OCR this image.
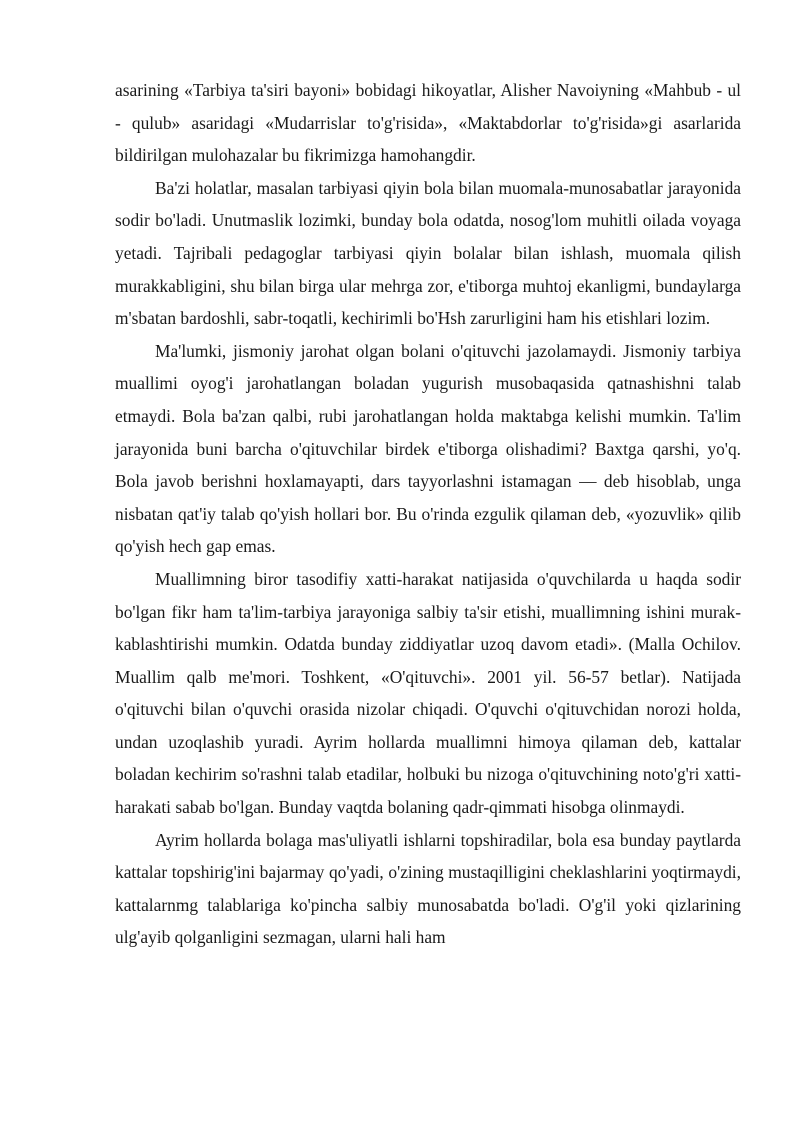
asarining «Tarbiya ta'siri bayoni» bobidagi hikoyatlar, Alisher Navoiyning «Mahbub - ul - qulub» asaridagi «Mudarrislar to'g'risida», «Maktabdorlar to'g'risida»gi asarlarida bildirilgan mulohazalar bu fikrimizga hamohangdir.

Ba'zi holatlar, masalan tarbiyasi qiyin bola bilan muomala-munosabatlar jarayonida sodir bo'ladi. Unutmaslik lozimki, bunday bola odatda, nosog'lom muhitli oilada voyaga yetadi. Tajribali pedagoglar tarbiyasi qiyin bolalar bilan ishlash, muomala qilish murakkabligini, shu bilan birga ular mehrga zor, e'tiborga muhtoj ekanligmi, bundaylarga m'sbatan bardoshli, sabr-toqatli, kechirimli bo'Hsh zarurligini ham his etishlari lozim.

Ma'lumki, jismoniy jarohat olgan bolani o'qituvchi jazolamaydi. Jismoniy tarbiya muallimi oyog'i jarohatlangan boladan yugurish musobaqasida qatnashishni talab etmaydi. Bola ba'zan qalbi, rubi jarohatlangan holda maktabga kelishi mumkin. Ta'lim jarayonida buni barcha o'qituvchilar birdek e'tiborga olishadimi? Baxtga qarshi, yo'q. Bola javob berishni hoxlamayapti, dars tayyorlashni istamagan — deb hisoblab, unga nisbatan qat'iy talab qo'yish hollari bor. Bu o'rinda ezgulik qilaman deb, «yozuvlik» qilib qo'yish hech gap emas.

Muallimning biror tasodifiy xatti-harakat natijasida o'quvchilarda u haqda sodir bo'lgan fikr ham ta'lim-tarbiya jarayoniga salbiy ta'sir etishi, muallimning ishini murak-kablashtirishi mumkin. Odatda bunday ziddiyatlar uzoq davom etadi». (Malla Ochilov. Muallim qalb me'mori. Toshkent, «O'qituvchi». 2001 yil. 56-57 betlar). Natijada o'qituvchi bilan o'quvchi orasida nizolar chiqadi. O'quvchi o'qituvchidan norozi holda, undan uzoqlashib yuradi. Ayrim hollarda muallimni himoya qilaman deb, kattalar boladan kechirim so'rashni talab etadilar, holbuki bu nizoga o'qituvchining noto'g'ri xatti-harakati sabab bo'lgan. Bunday vaqtda bolaning qadr-qimmati hisobga olinmaydi.

Ayrim hollarda bolaga mas'uliyatli ishlarni topshiradilar, bola esa bunday paytlarda kattalar topshirig'ini bajarmay qo'yadi, o'zining mustaqilligini cheklashlarini yoqtirmaydi, kattalarnmg talablariga ko'pincha salbiy munosabatda bo'ladi. O'g'il yoki qizlarining ulg'ayib qolganligini sezmagan, ularni hali ham
